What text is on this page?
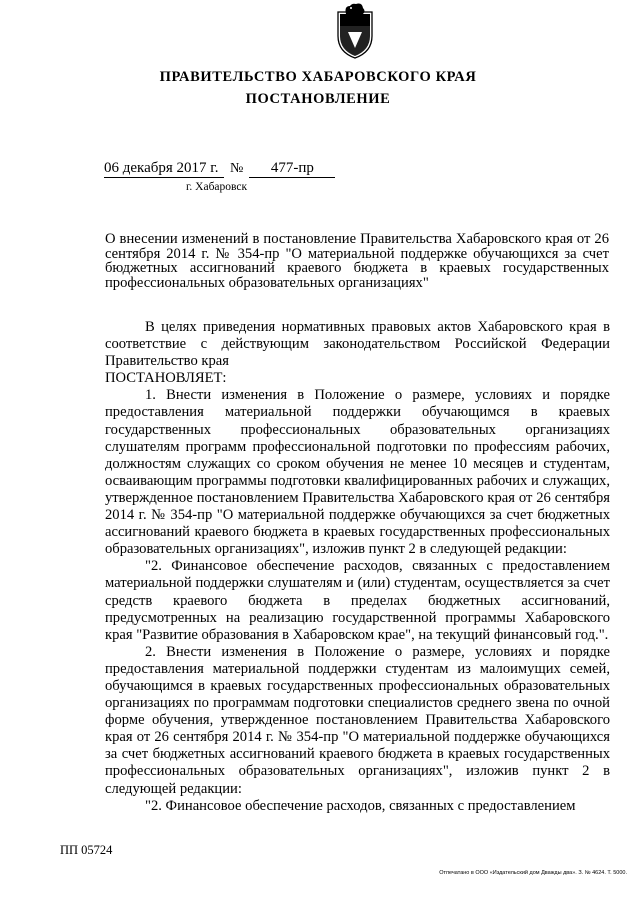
ПРАВИТЕЛЬСТВО ХАБАРОВСКОГО КРАЯ
ПОСТАНОВЛЕНИЕ
06 декабря 2017 г. № 477-пр
г. Хабаровск
О внесении изменений в постановление Правительства Хабаровского края от 26 сентября 2014 г. № 354-пр "О материальной поддержке обучающихся за счет бюджетных ассигнований краевого бюджета в краевых государственных профессиональных образовательных организациях"

В целях приведения нормативных правовых актов Хабаровского края в соответствие с действующим законодательством Российской Федерации Правительство края

ПОСТАНОВЛЯЕТ:

1. Внести изменения в Положение о размере, условиях и порядке предоставления материальной поддержки обучающимся в краевых государственных профессиональных образовательных организациях слушателям программ профессиональной подготовки по профессиям рабочих, должностям служащих со сроком обучения не менее 10 месяцев и студентам, осваивающим программы подготовки квалифицированных рабочих и служащих, утвержденное постановлением Правительства Хабаровского края от 26 сентября 2014 г. № 354-пр "О материальной поддержке обучающихся за счет бюджетных ассигнований краевого бюджета в краевых государственных профессиональных образовательных организациях", изложив пункт 2 в следующей редакции:

"2. Финансовое обеспечение расходов, связанных с предоставлением материальной поддержки слушателям и (или) студентам, осуществляется за счет средств краевого бюджета в пределах бюджетных ассигнований, предусмотренных на реализацию государственной программы Хабаровского края "Развитие образования в Хабаровском крае", на текущий финансовый год.".

2. Внести изменения в Положение о размере, условиях и порядке предоставления материальной поддержки студентам из малоимущих семей, обучающимся в краевых государственных профессиональных образовательных организациях по программам подготовки специалистов среднего звена по очной форме обучения, утвержденное постановлением Правительства Хабаровского края от 26 сентября 2014 г. № 354-пр "О материальной поддержке обучающихся за счет бюджетных ассигнований краевого бюджета в краевых государственных профессиональных образовательных организациях", изложив пункт 2 в следующей редакции:

"2. Финансовое обеспечение расходов, связанных с предоставлением

ПП 05724
Отпечатано в ООО «Издательский дом Дважды два». З. № 4624. Т. 5000.
